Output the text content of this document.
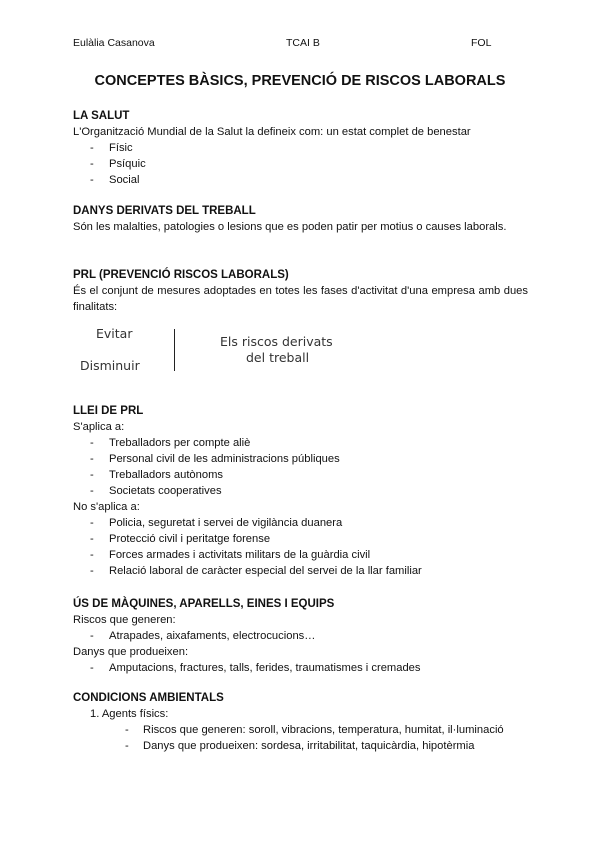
Eulàlia Casanova	TCAI B	FOL
CONCEPTES BÀSICS, PREVENCIÓ DE RISCOS LABORALS
LA SALUT
L'Organització Mundial de la Salut la defineix com: un estat complet de benestar
- Físic
- Psíquic
- Social
DANYS DERIVATS DEL TREBALL
Són les malalties, patologies o lesions que es poden patir per motius o causes laborals.
PRL (PREVENCIÓ RISCOS LABORALS)
És el conjunt de mesures adoptades en totes les fases d'activitat d'una empresa amb dues finalitats:
Evitar
Disminuir
Els riscos derivats
del treball
LLEI DE PRL
S'aplica a:
- Treballadors per compte aliè
- Personal civil de les administracions públiques
- Treballadors autònoms
- Societats cooperatives
No s'aplica a:
- Policia, seguretat i servei de vigilància duanera
- Protecció civil i peritatge forense
- Forces armades i activitats militars de la guàrdia civil
- Relació laboral de caràcter especial del servei de la llar familiar
ÚS DE MÀQUINES, APARELLS, EINES I EQUIPS
Riscos que generen:
- Atrapades, aixafaments, electrocucions…
Danys que produeixen:
- Amputacions, fractures, talls, ferides, traumatismes i cremades
CONDICIONS AMBIENTALS
1. Agents físics:
- Riscos que generen: soroll, vibracions, temperatura, humitat, il·luminació
- Danys que produeixen: sordesa, irritabilitat, taquicàrdia, hipotèrmia
